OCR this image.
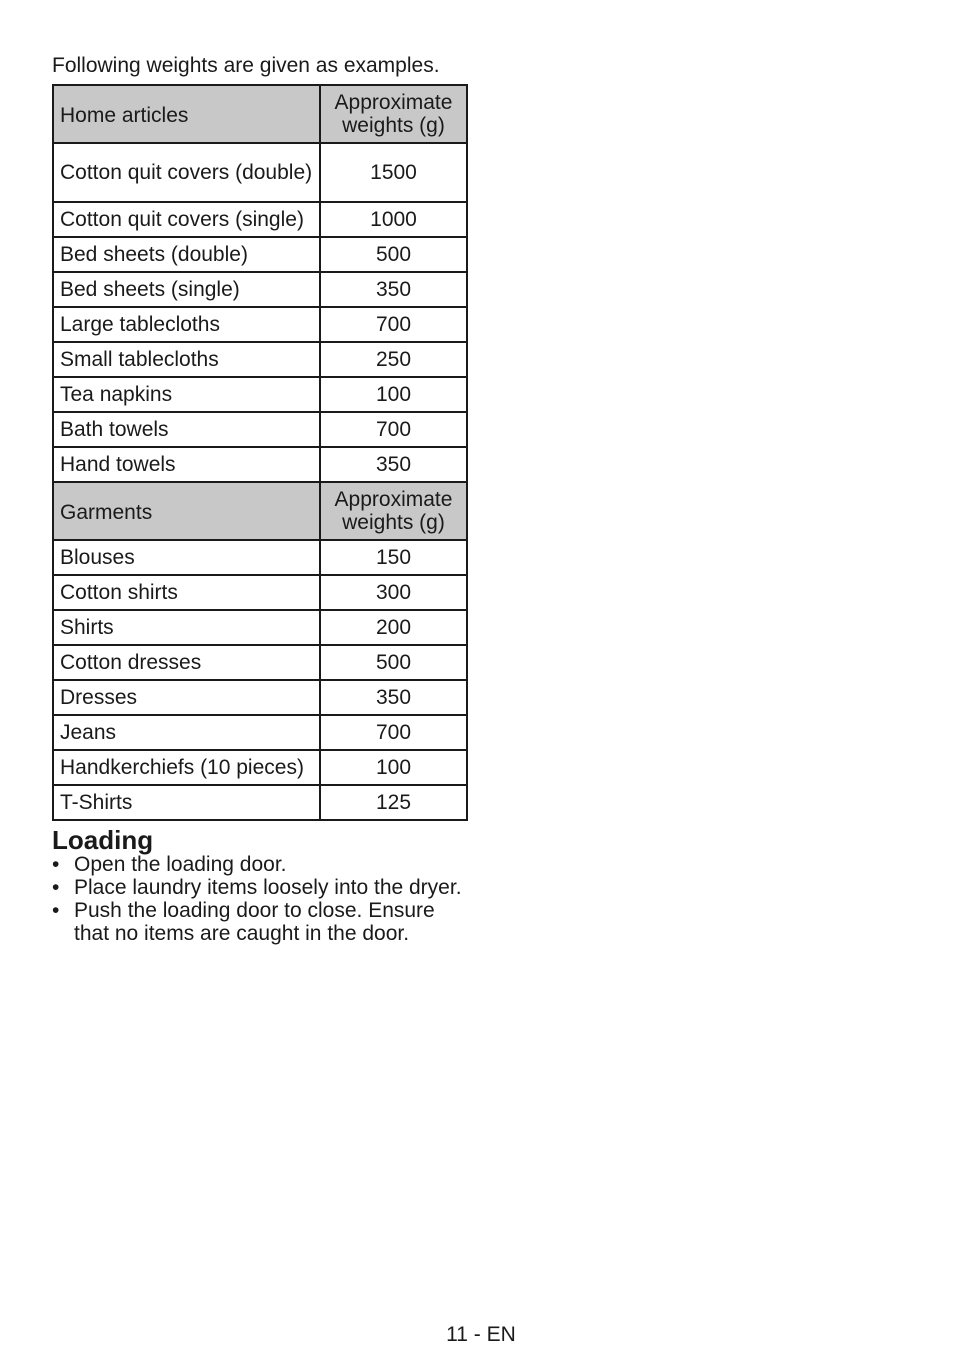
Following weights are given as examples.
Home articles	Approximate weights (g)
Cotton quit covers (double)	1500
Cotton quit covers (single)	1000
Bed sheets (double)	500
Bed sheets (single)	350
Large tablecloths	700
Small tablecloths	250
Tea napkins	100
Bath towels	700
Hand towels	350
Garments	Approximate weights (g)
Blouses	150
Cotton shirts	300
Shirts	200
Cotton dresses	500
Dresses	350
Jeans	700
Handkerchiefs (10 pieces)	100
T-Shirts	125
Loading
• Open the loading door.
• Place laundry items loosely into the dryer.
• Push the loading door to close. Ensure that no items are caught in the door.
11 - EN
